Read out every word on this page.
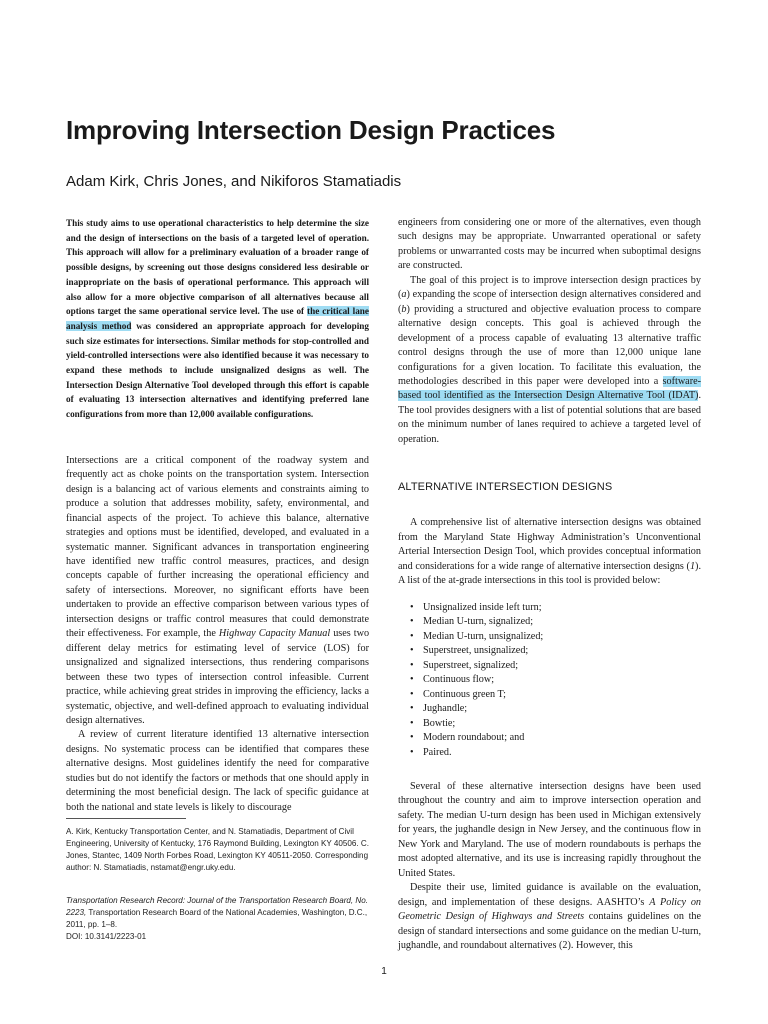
Improving Intersection Design Practices
Adam Kirk, Chris Jones, and Nikiforos Stamatiadis

This study aims to use operational characteristics to help determine the size and the design of intersections on the basis of a targeted level of operation. This approach will allow for a preliminary evaluation of a broader range of possible designs, by screening out those designs considered less desirable or inappropriate on the basis of operational performance. This approach will also allow for a more objective comparison of all alternatives because all options target the same operational service level. The use of the critical lane analysis method was considered an appropriate approach for developing such size estimates for intersections. Similar methods for stop-controlled and yield-controlled intersections were also identified because it was necessary to expand these methods to include unsignalized designs as well. The Intersection Design Alternative Tool developed through this effort is capable of evaluating 13 intersection alternatives and identifying preferred lane configurations from more than 12,000 available configurations.

Intersections are a critical component of the roadway system and frequently act as choke points on the transportation system. Intersection design is a balancing act of various elements and constraints aiming to produce a solution that addresses mobility, safety, environmental, and financial aspects of the project. To achieve this balance, alternative strategies and options must be identified, developed, and evaluated in a systematic manner. Significant advances in transportation engineering have identified new traffic control measures, practices, and design concepts capable of further increasing the operational efficiency and safety of intersections. Moreover, no significant efforts have been undertaken to provide an effective comparison between various types of intersection designs or traffic control measures that could demonstrate their effectiveness. For example, the Highway Capacity Manual uses two different delay metrics for estimating level of service (LOS) for unsignalized and signalized intersections, thus rendering comparisons between these two types of intersection control infeasible. Current practice, while achieving great strides in improving the efficiency, lacks a systematic, objective, and well-defined approach to evaluating individual design alternatives.

A review of current literature identified 13 alternative intersection designs. No systematic process can be identified that compares these alternative designs. Most guidelines identify the need for comparative studies but do not identify the factors or methods that one should apply in determining the most beneficial design. The lack of specific guidance at both the national and state levels is likely to discourage

engineers from considering one or more of the alternatives, even though such designs may be appropriate. Unwarranted operational or safety problems or unwarranted costs may be incurred when suboptimal designs are constructed.

The goal of this project is to improve intersection design practices by (a) expanding the scope of intersection design alternatives considered and (b) providing a structured and objective evaluation process to compare alternative design concepts. This goal is achieved through the development of a process capable of evaluating 13 alternative traffic control designs through the use of more than 12,000 unique lane configurations for a given location. To facilitate this evaluation, the methodologies described in this paper were developed into a software-based tool identified as the Intersection Design Alternative Tool (IDAT). The tool provides designers with a list of potential solutions that are based on the minimum number of lanes required to achieve a targeted level of operation.

ALTERNATIVE INTERSECTION DESIGNS

A comprehensive list of alternative intersection designs was obtained from the Maryland State Highway Administration’s Unconventional Arterial Intersection Design Tool, which provides conceptual information and considerations for a wide range of alternative intersection designs (1). A list of the at-grade intersections in this tool is provided below:

• Unsignalized inside left turn;
• Median U-turn, signalized;
• Median U-turn, unsignalized;
• Superstreet, unsignalized;
• Superstreet, signalized;
• Continuous flow;
• Continuous green T;
• Jughandle;
• Bowtie;
• Modern roundabout; and
• Paired.

Several of these alternative intersection designs have been used throughout the country and aim to improve intersection operation and safety. The median U-turn design has been used in Michigan extensively for years, the jughandle design in New Jersey, and the continuous flow in New York and Maryland. The use of modern roundabouts is perhaps the most adopted alternative, and its use is increasing rapidly throughout the United States.

Despite their use, limited guidance is available on the evaluation, design, and implementation of these designs. AASHTO’s A Policy on Geometric Design of Highways and Streets contains guidelines on the design of standard intersections and some guidance on the median U-turn, jughandle, and roundabout alternatives (2). However, this

A. Kirk, Kentucky Transportation Center, and N. Stamatiadis, Department of Civil Engineering, University of Kentucky, 176 Raymond Building, Lexington KY 40506. C. Jones, Stantec, 1409 North Forbes Road, Lexington KY 40511-2050. Corresponding author: N. Stamatiadis, nstamat@engr.uky.edu.
Transportation Research Record: Journal of the Transportation Research Board, No. 2223, Transportation Research Board of the National Academies, Washington, D.C., 2011, pp. 1–8.
DOI: 10.3141/2223-01
1
